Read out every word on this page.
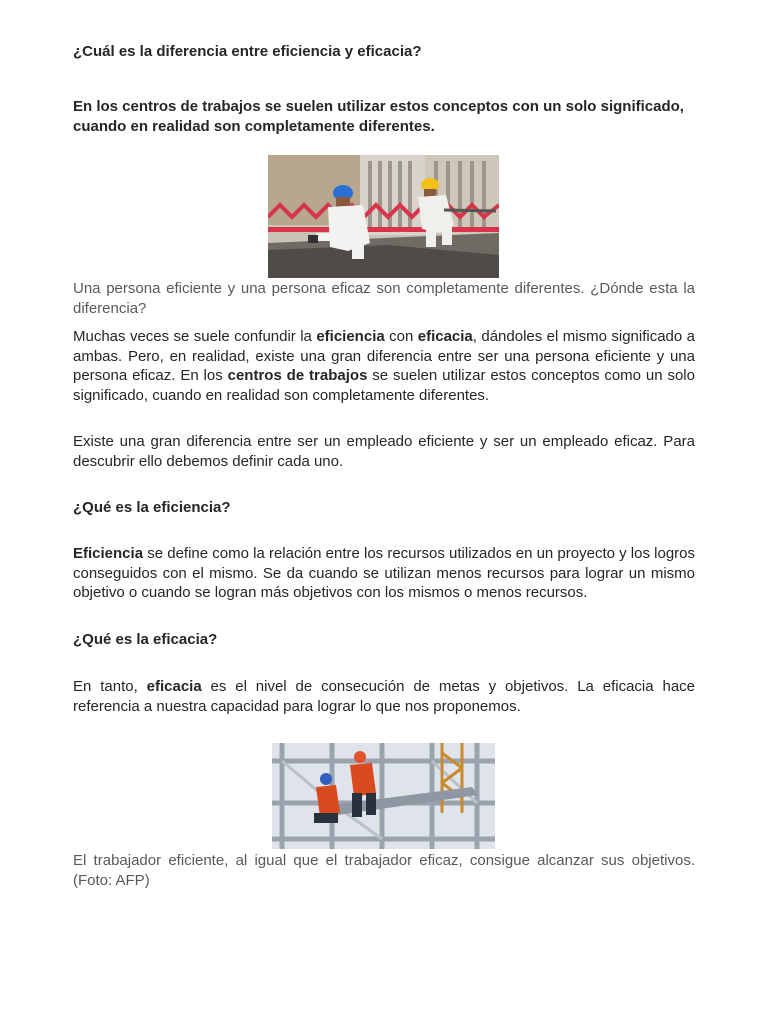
¿Cuál es la diferencia entre eficiencia y eficacia?

En los centros de trabajos se suelen utilizar estos conceptos con un solo significado, cuando en realidad son completamente diferentes.

Una persona eficiente y una persona eficaz son completamente diferentes. ¿Dónde esta la diferencia?

Muchas veces se suele confundir la eficiencia con eficacia, dándoles el mismo significado a ambas. Pero, en realidad, existe una gran diferencia entre ser una persona eficiente y una persona eficaz. En los centros de trabajos se suelen utilizar estos conceptos como un solo significado, cuando en realidad son completamente diferentes.

Existe una gran diferencia entre ser un empleado eficiente y ser un empleado eficaz. Para descubrir ello debemos definir cada uno.

¿Qué es la eficiencia?

Eficiencia se define como la relación entre los recursos utilizados en un proyecto y los logros conseguidos con el mismo. Se da cuando se utilizan menos recursos para lograr un mismo objetivo o cuando se logran más objetivos con los mismos o menos recursos.

¿Qué es la eficacia?

En tanto, eficacia es el nivel de consecución de metas y objetivos. La eficacia hace referencia a nuestra capacidad para lograr lo que nos proponemos.

El trabajador eficiente, al igual que el trabajador eficaz, consigue alcanzar sus objetivos. (Foto: AFP)
